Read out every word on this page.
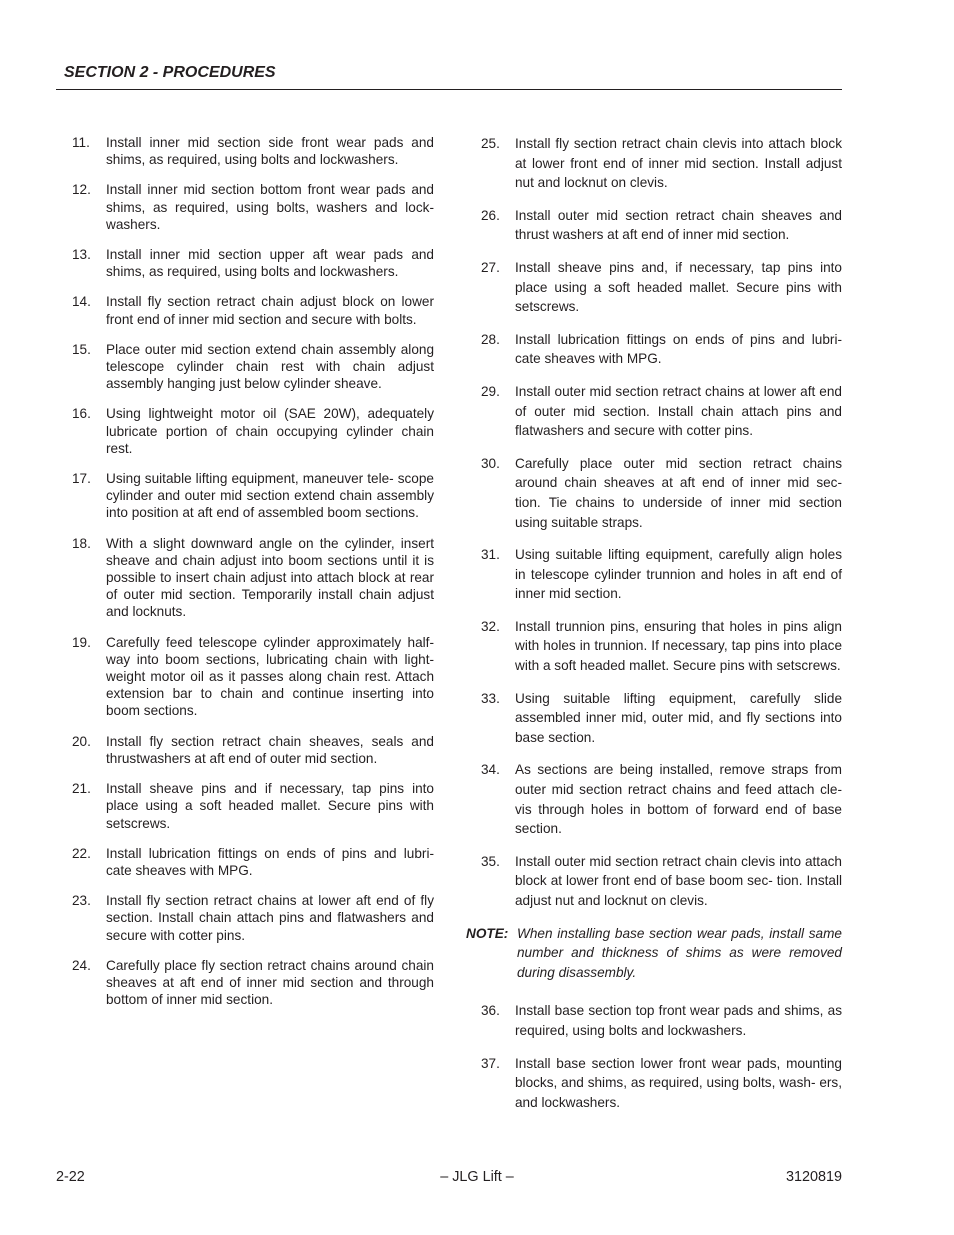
SECTION 2 - PROCEDURES
11. Install inner mid section side front wear pads and shims, as required, using bolts and lockwashers.
12. Install inner mid section bottom front wear pads and shims, as required, using bolts, washers and lock- washers.
13. Install inner mid section upper aft wear pads and shims, as required, using bolts and lockwashers.
14. Install fly section retract chain adjust block on lower front end of inner mid section and secure with bolts.
15. Place outer mid section extend chain assembly along telescope cylinder chain rest with chain adjust assembly hanging just below cylinder sheave.
16. Using lightweight motor oil (SAE 20W), adequately lubricate portion of chain occupying cylinder chain rest.
17. Using suitable lifting equipment, maneuver tele- scope cylinder and outer mid section extend chain assembly into position at aft end of assembled boom sections.
18. With a slight downward angle on the cylinder, insert sheave and chain adjust into boom sections until it is possible to insert chain adjust into attach block at rear of outer mid section. Temporarily install chain adjust and locknuts.
19. Carefully feed telescope cylinder approximately half- way into boom sections, lubricating chain with light- weight motor oil as it passes along chain rest. Attach extension bar to chain and continue inserting into boom sections.
20. Install fly section retract chain sheaves, seals and thrustwashers at aft end of outer mid section.
21. Install sheave pins and if necessary, tap pins into place using a soft headed mallet. Secure pins with setscrews.
22. Install lubrication fittings on ends of pins and lubri- cate sheaves with MPG.
23. Install fly section retract chains at lower aft end of fly section. Install chain attach pins and flatwashers and secure with cotter pins.
24. Carefully place fly section retract chains around chain sheaves at aft end of inner mid section and through bottom of inner mid section.
25. Install fly section retract chain clevis into attach block at lower front end of inner mid section. Install adjust nut and locknut on clevis.
26. Install outer mid section retract chain sheaves and thrust washers at aft end of inner mid section.
27. Install sheave pins and, if necessary, tap pins into place using a soft headed mallet. Secure pins with setscrews.
28. Install lubrication fittings on ends of pins and lubri- cate sheaves with MPG.
29. Install outer mid section retract chains at lower aft end of outer mid section. Install chain attach pins and flatwashers and secure with cotter pins.
30. Carefully place outer mid section retract chains around chain sheaves at aft end of inner mid sec- tion. Tie chains to underside of inner mid section using suitable straps.
31. Using suitable lifting equipment, carefully align holes in telescope cylinder trunnion and holes in aft end of inner mid section.
32. Install trunnion pins, ensuring that holes in pins align with holes in trunnion. If necessary, tap pins into place with a soft headed mallet. Secure pins with setscrews.
33. Using suitable lifting equipment, carefully slide assembled inner mid, outer mid, and fly sections into base section.
34. As sections are being installed, remove straps from outer mid section retract chains and feed attach cle- vis through holes in bottom of forward end of base section.
35. Install outer mid section retract chain clevis into attach block at lower front end of base boom sec- tion. Install adjust nut and locknut on clevis.
NOTE: When installing base section wear pads, install same number and thickness of shims as were removed during disassembly.
36. Install base section top front wear pads and shims, as required, using bolts and lockwashers.
37. Install base section lower front wear pads, mounting blocks, and shims, as required, using bolts, wash- ers, and lockwashers.
2-22	– JLG Lift –	3120819
